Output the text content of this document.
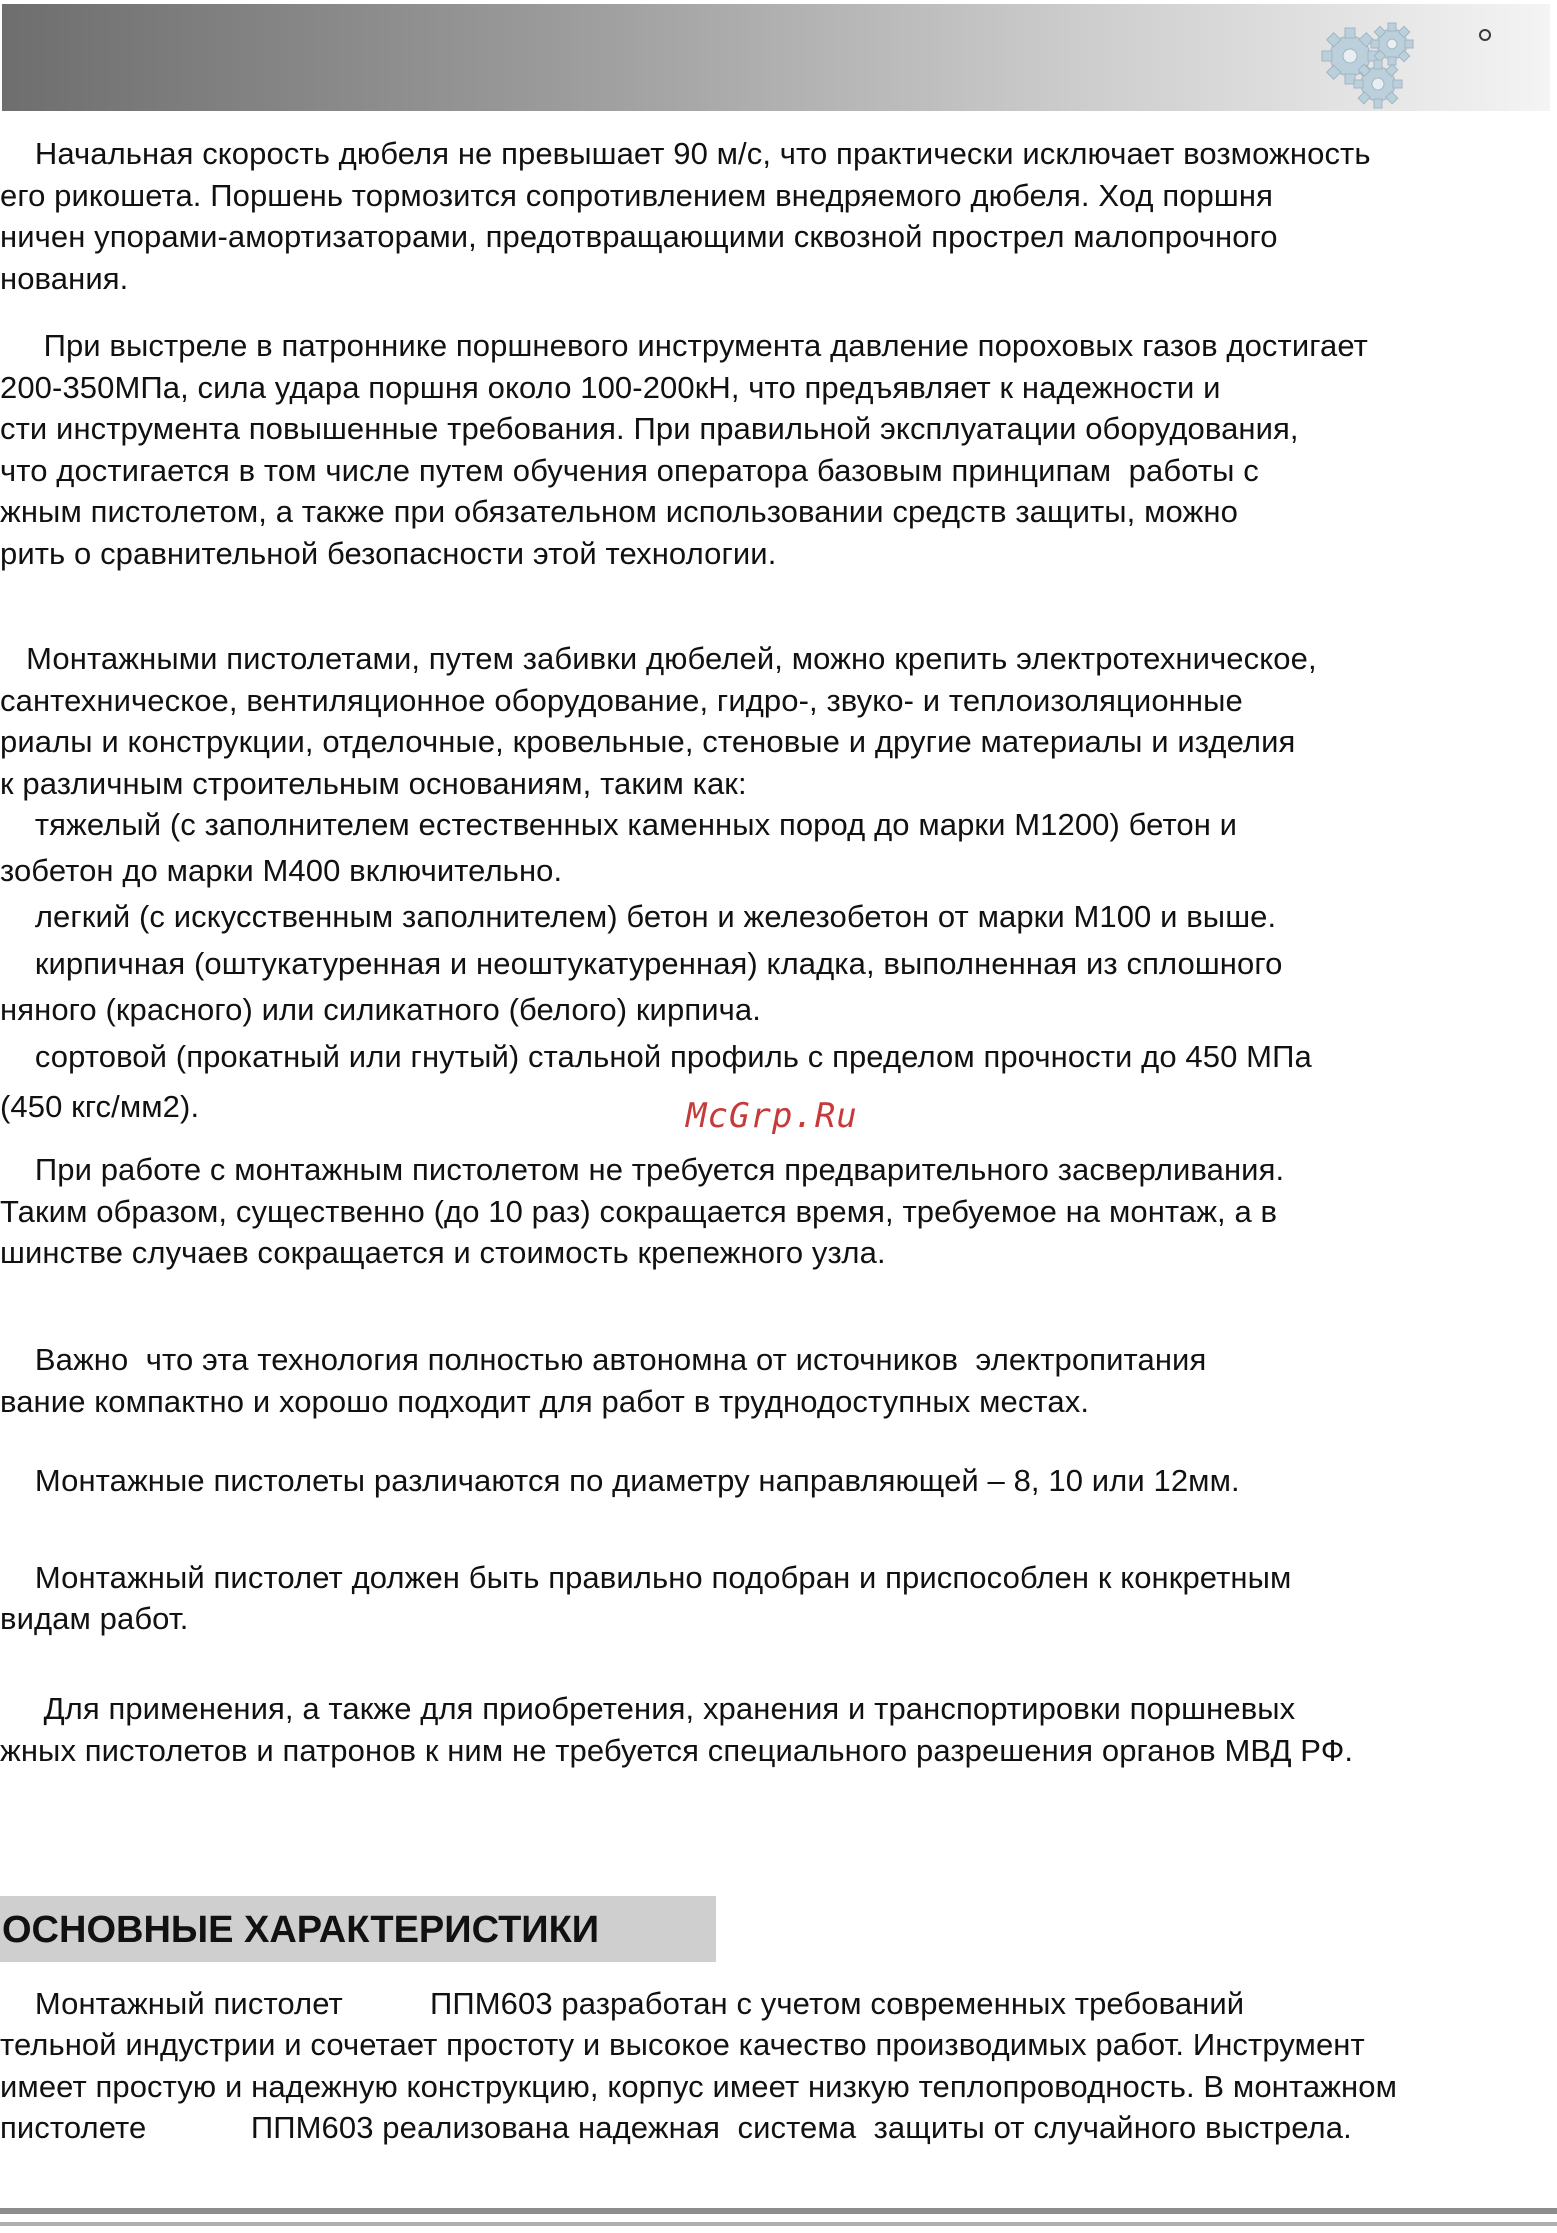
Начальная скорость дюбеля не превышает 90 м/с, что практически исключает возможность
его рикошета. Поршень тормозится сопротивлением внедряемого дюбеля. Ход поршня
ничен упорами-амортизаторами, предотвращающими сквозной прострел малопрочного
нования.
При выстреле в патроннике поршневого инструмента давление пороховых газов достигает
200-350МПа, сила удара поршня около 100-200кН, что предъявляет к надежности и
сти инструмента повышенные требования. При правильной эксплуатации оборудования,
что достигается в том числе путем обучения оператора базовым принципам  работы с
жным пистолетом, а также при обязательном использовании средств защиты, можно
рить о сравнительной безопасности этой технологии.
Монтажными пистолетами, путем забивки дюбелей, можно крепить электротехническое,
сантехническое, вентиляционное оборудование, гидро-, звуко- и теплоизоляционные
риалы и конструкции, отделочные, кровельные, стеновые и другие материалы и изделия
к различным строительным основаниям, таким как:
тяжелый (с заполнителем естественных каменных пород до марки М1200) бетон и
зобетон до марки М400 включительно.
легкий (с искусственным заполнителем) бетон и железобетон от марки М100 и выше.
кирпичная (оштукатуренная и неоштукатуренная) кладка, выполненная из сплошного
няного (красного) или силикатного (белого) кирпича.
сортовой (прокатный или гнутый) стальной профиль с пределом прочности до 450 МПа
(450 кгс/мм2).	McGrp.Ru
При работе с монтажным пистолетом не требуется предварительного засверливания.
Таким образом, существенно (до 10 раз) сокращается время, требуемое на монтаж, а в
шинстве случаев сокращается и стоимость крепежного узла.
Важно  что эта технология полностью автономна от источников  электропитания
вание компактно и хорошо подходит для работ в труднодоступных местах.
Монтажные пистолеты различаются по диаметру направляющей – 8, 10 или 12мм.
Монтажный пистолет должен быть правильно подобран и приспособлен к конкретным
видам работ.
Для применения, а также для приобретения, хранения и транспортировки поршневых
жных пистолетов и патронов к ним не требуется специального разрешения органов МВД РФ.
ОСНОВНЫЕ ХАРАКТЕРИСТИКИ
Монтажный пистолет          ППМ603 разработан с учетом современных требований
тельной индустрии и сочетает простоту и высокое качество производимых работ. Инструмент
имеет простую и надежную конструкцию, корпус имеет низкую теплопроводность. В монтажном
пистолете            ППМ603 реализована надежная  система  защиты от случайного выстрела.
